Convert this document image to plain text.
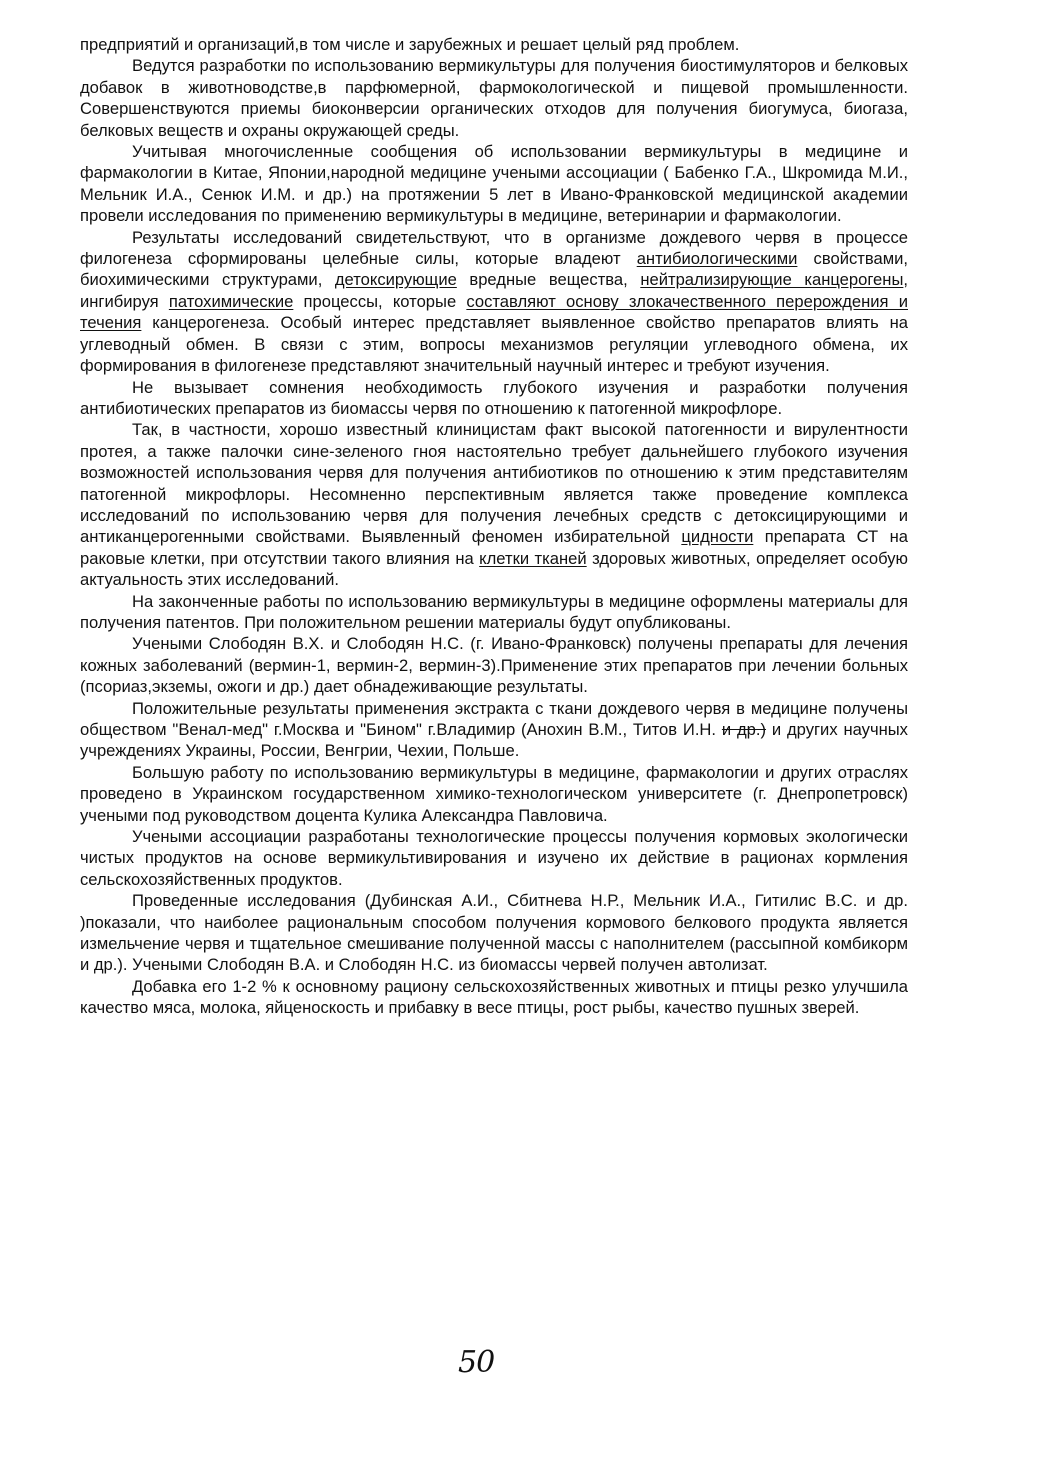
предприятий и организаций,в том числе и зарубежных и решает целый ряд проблем.

Ведутся разработки по использованию вермикультуры для получения биостимуляторов и белковых добавок в животноводстве,в парфюмерной, фармокологической и пищевой промышленности. Совершенствуются приемы биоконверсии органических отходов для получения биогумуса, биогаза, белковых веществ и охраны окружающей среды.

Учитывая многочисленные сообщения об использовании вермикультуры в медицине и фармакологии в Китае, Японии,народной медицине учеными ассоциации ( Бабенко Г.А., Шкромида М.И., Мельник И.А., Сенюк И.М. и др.) на протяжении 5 лет в Ивано-Франковской медицинской академии провели исследования по применению вермикультуры в медицине, ветеринарии и фармакологии.

Результаты исследований свидетельствуют, что в организме дождевого червя в процессе филогенеза сформированы целебные силы, которые владеют антибиологическими свойствами, биохимическими структурами, детоксирующие вредные вещества, нейтрализирующие канцерогены, ингибируя патохимические процессы, которые составляют основу злокачественного перерождения и течения канцерогенеза. Особый интерес представляет выявленное свойство препаратов влиять на углеводный обмен. В связи с этим, вопросы механизмов регуляции углеводного обмена, их формирования в филогенезе представляют значительный научный интерес и требуют изучения.

Не вызывает сомнения необходимость глубокого изучения и разработки получения антибиотических препаратов из биомассы червя по отношению к патогенной микрофлоре.

Так, в частности, хорошо известный клиницистам факт высокой патогенности и вирулентности протея, а также палочки сине-зеленого гноя настоятельно требует дальнейшего глубокого изучения возможностей использования червя для получения антибиотиков по отношению к этим представителям патогенной микрофлоры. Несомненно перспективным является также проведение комплекса исследований по использованию червя для получения лечебных средств с детоксицирующими и антиканцерогенными свойствами. Выявленный феномен избирательной цидности препарата СТ на раковые клетки, при отсутствии такого влияния на клетки тканей здоровых животных, определяет особую актуальность этих исследований.

На законченные работы по использованию вермикультуры в медицине оформлены материалы для получения патентов. При положительном решении материалы будут опубликованы.

Учеными Слободян В.Х. и Слободян Н.С. (г. Ивано-Франковск) получены препараты для лечения кожных заболеваний (вермин-1, вермин-2, вермин-3).Применение этих препаратов при лечении больных (псориаз,экземы, ожоги и др.) дает обнадеживающие результаты.

Положительные результаты применения экстракта с ткани дождевого червя в медицине получены обществом "Венал-мед" г.Москва и "Бином" г.Владимир (Анохин В.М., Титов И.Н. и др.) и других научных учреждениях Украины, России, Венгрии, Чехии, Польше.

Большую работу по использованию вермикультуры в медицине, фармакологии и других отраслях проведено в Украинском государственном химико-технологическом университете (г. Днепропетровск) учеными под руководством доцента Кулика Александра Павловича.

Учеными ассоциации разработаны технологические процессы получения кормовых экологически чистых продуктов на основе вермикультивирования и изучено их действие в рационах кормления сельскохозяйственных продуктов.

Проведенные исследования (Дубинская А.И., Сбитнева Н.Р., Мельник И.А., Гитилис В.С. и др. )показали, что наиболее рациональным способом получения кормового белкового продукта является измельчение червя и тщательное смешивание полученной массы с наполнителем (рассыпной комбикорм и др.). Учеными Слободян В.А. и Слободян Н.С. из биомассы червей получен автолизат.

Добавка его 1-2 % к основному рациону сельскохозяйственных животных и птицы резко улучшила качество мяса, молока, яйценоскость и прибавку в весе птицы, рост рыбы, качество пушных зверей.

50
